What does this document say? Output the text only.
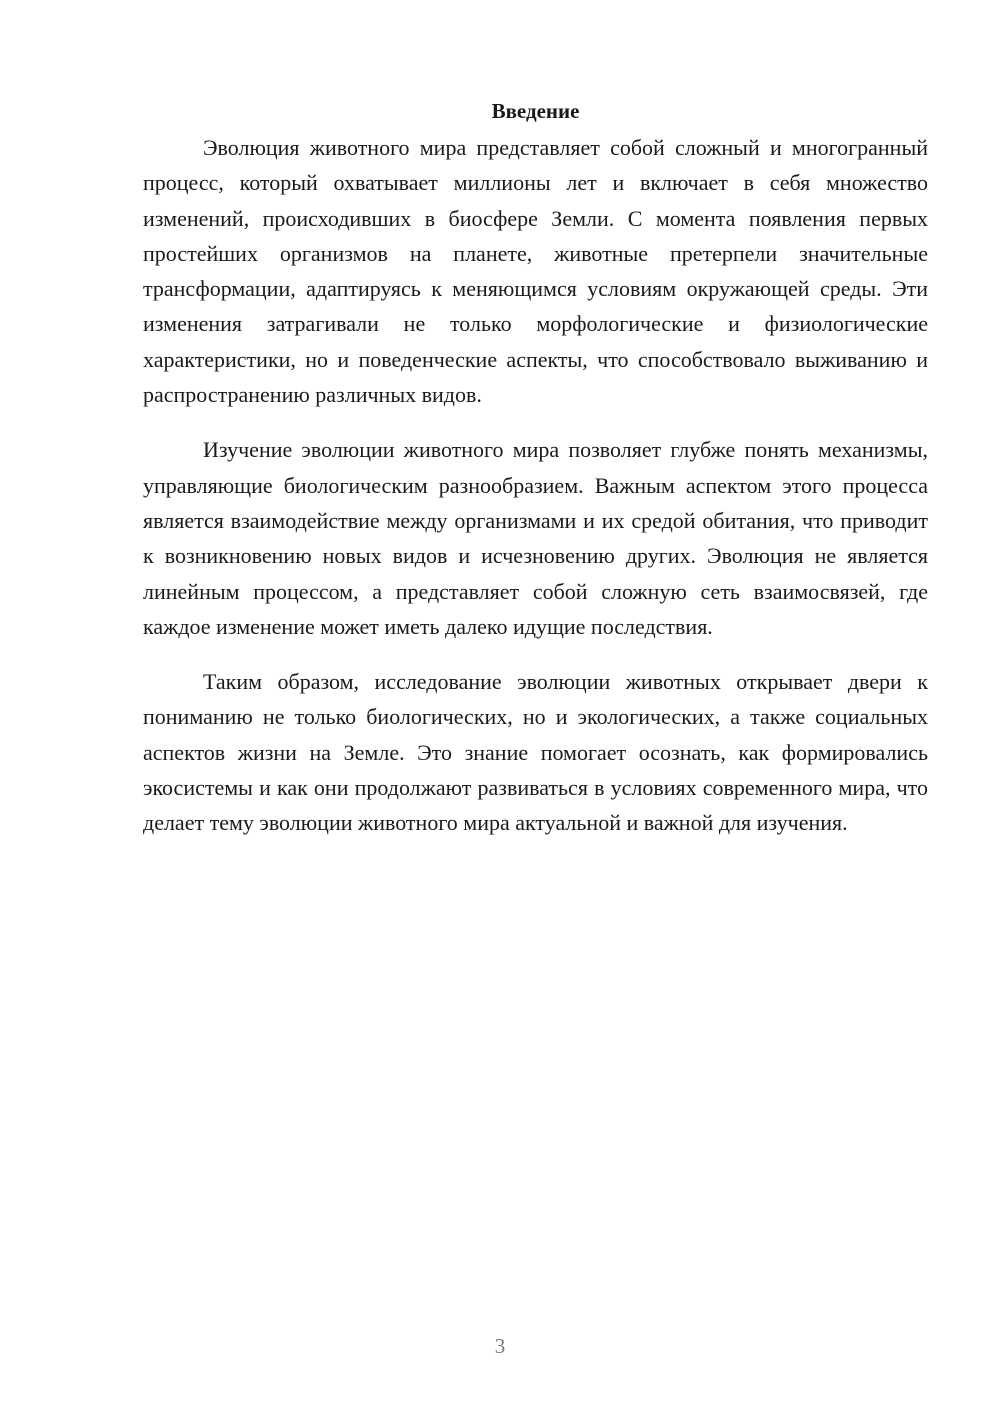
Введение

Эволюция животного мира представляет собой сложный и многогранный процесс, который охватывает миллионы лет и включает в себя множество изменений, происходивших в биосфере Земли. С момента появления первых простейших организмов на планете, животные претерпели значительные трансформации, адаптируясь к меняющимся условиям окружающей среды. Эти изменения затрагивали не только морфологические и физиологические характеристики, но и поведенческие аспекты, что способствовало выживанию и распространению различных видов.

Изучение эволюции животного мира позволяет глубже понять механизмы, управляющие биологическим разнообразием. Важным аспектом этого процесса является взаимодействие между организмами и их средой обитания, что приводит к возникновению новых видов и исчезновению других. Эволюция не является линейным процессом, а представляет собой сложную сеть взаимосвязей, где каждое изменение может иметь далеко идущие последствия.

Таким образом, исследование эволюции животных открывает двери к пониманию не только биологических, но и экологических, а также социальных аспектов жизни на Земле. Это знание помогает осознать, как формировались экосистемы и как они продолжают развиваться в условиях современного мира, что делает тему эволюции животного мира актуальной и важной для изучения.

3
